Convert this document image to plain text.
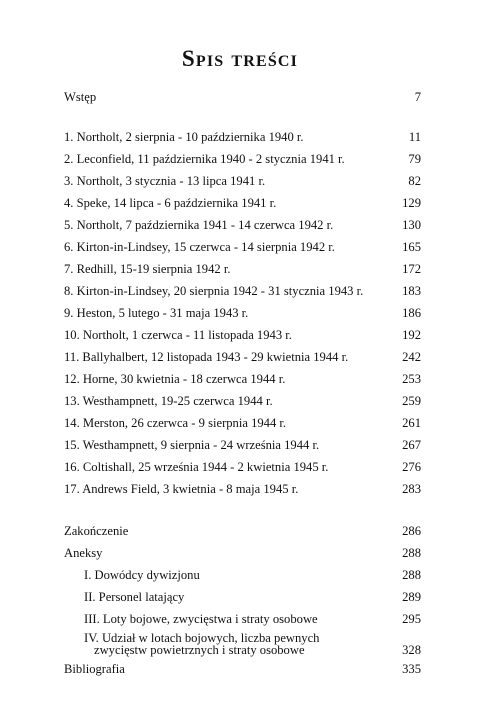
Spis treści
Wstęp	7
1. Northolt, 2 sierpnia - 10 października 1940 r.	11
2. Leconfield, 11 października 1940 - 2 stycznia 1941 r.	79
3. Northolt, 3 stycznia - 13 lipca 1941 r.	82
4. Speke, 14 lipca - 6 października 1941 r.	129
5. Northolt, 7 października 1941 - 14 czerwca 1942 r.	130
6. Kirton-in-Lindsey, 15 czerwca - 14 sierpnia 1942 r.	165
7. Redhill, 15-19 sierpnia 1942 r.	172
8. Kirton-in-Lindsey, 20 sierpnia 1942 - 31 stycznia 1943 r.	183
9. Heston, 5 lutego - 31 maja 1943 r.	186
10. Northolt, 1 czerwca - 11 listopada 1943 r.	192
11. Ballyhalbert, 12 listopada 1943 - 29 kwietnia 1944 r.	242
12. Horne, 30 kwietnia - 18 czerwca 1944 r.	253
13. Westhampnett, 19-25 czerwca 1944 r.	259
14. Merston, 26 czerwca - 9 sierpnia 1944 r.	261
15. Westhampnett, 9 sierpnia - 24 września 1944 r.	267
16. Coltishall, 25 września 1944 - 2 kwietnia 1945 r.	276
17. Andrews Field, 3 kwietnia - 8 maja 1945 r.	283
Zakończenie	286
Aneksy	288
I. Dowódcy dywizjonu	288
II. Personel latający	289
III. Loty bojowe, zwycięstwa i straty osobowe	295
IV. Udział w lotach bojowych, liczba pewnych
zwycięstw powietrznych i straty osobowe	328
Bibliografia	335
